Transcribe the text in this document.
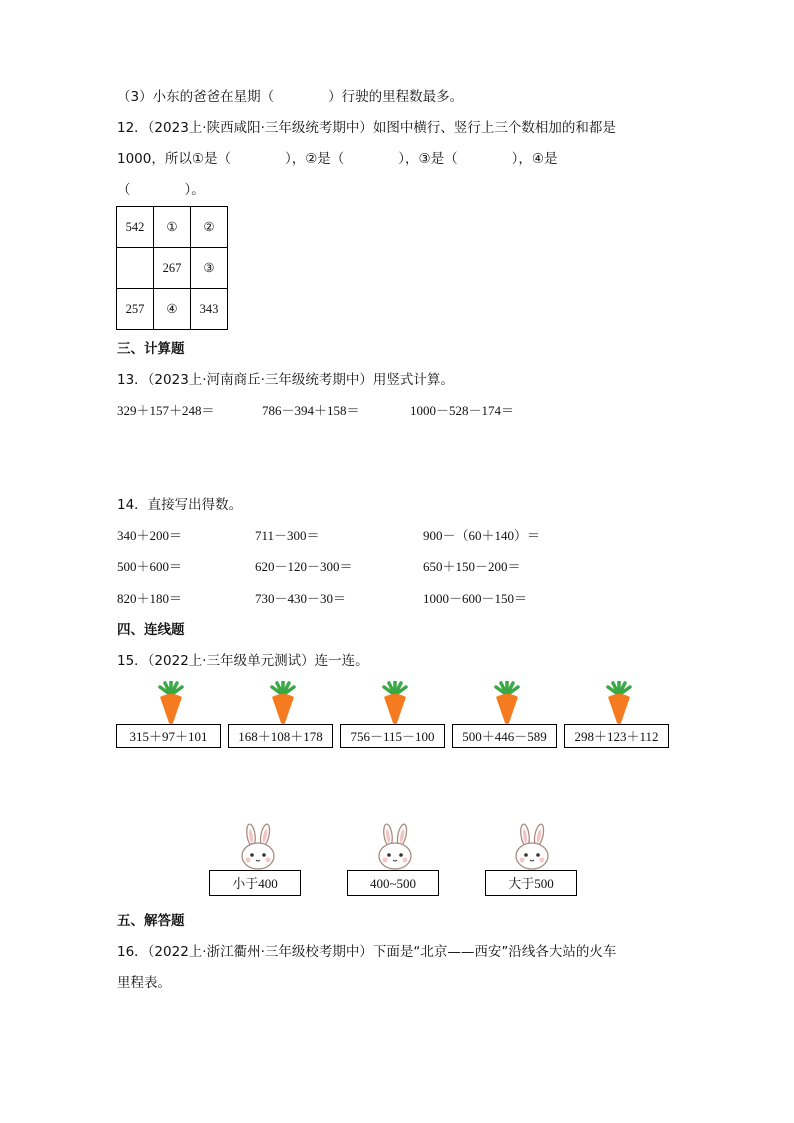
（3）小东的爸爸在星期（　　　　）行驶的里程数最多。
12．（2023上·陕西咸阳·三年级统考期中）如图中横行、竖行上三个数相加的和都是
1000，所以①是（　　　　），②是（　　　　），③是（　　　　），④是
（　　　　）。
542	①	②
	267	③
257	④	343
三、计算题
13．（2023上·河南商丘·三年级统考期中）用竖式计算。
329＋157＋248＝	786－394＋158＝	1000－528－174＝
14．直接写出得数。
340＋200＝	711－300＝	900－（60＋140）＝
500＋600＝	620－120－300＝	650＋150－200＝
820＋180＝	730－430－30＝	1000－600－150＝
四、连线题
15．（2022上·三年级单元测试）连一连。
315＋97＋101	168＋108＋178	756－115－100	500＋446－589	298＋123＋112
小于400	400~500	大于500
五、解答题
16．（2022上·浙江衢州·三年级校考期中）下面是“北京——西安”沿线各大站的火车
里程表。
